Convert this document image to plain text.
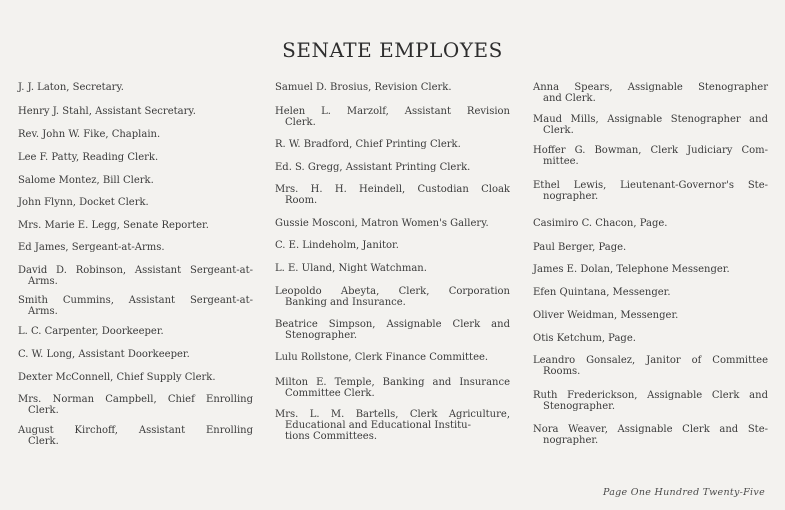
SENATE EMPLOYES
J. J. Laton, Secretary.
Henry J. Stahl, Assistant Secretary.
Rev. John W. Fike, Chaplain.
Lee F. Patty, Reading Clerk.
Salome Montez, Bill Clerk.
John Flynn, Docket Clerk.
Mrs. Marie E. Legg, Senate Reporter.
Ed James, Sergeant-at-Arms.
David D. Robinson, Assistant Sergeant-at-
Arms.
Smith Cummins, Assistant Sergeant-at-
Arms.
L. C. Carpenter, Doorkeeper.
C. W. Long, Assistant Doorkeeper.
Dexter McConnell, Chief Supply Clerk.
Mrs. Norman Campbell, Chief Enrolling
Clerk.
August Kirchoff, Assistant Enrolling
Clerk.
Samuel D. Brosius, Revision Clerk.
Helen L. Marzolf, Assistant Revision
Clerk.
R. W. Bradford, Chief Printing Clerk.
Ed. S. Gregg, Assistant Printing Clerk.
Mrs. H. H. Heindell, Custodian Cloak
Room.
Gussie Mosconi, Matron Women's Gallery.
C. E. Lindeholm, Janitor.
L. E. Uland, Night Watchman.
Leopoldo Abeyta, Clerk, Corporation
Banking and Insurance.
Beatrice Simpson, Assignable Clerk and
Stenographer.
Lulu Rollstone, Clerk Finance Committee.
Milton E. Temple, Banking and Insurance
Committee Clerk.
Mrs. L. M. Bartells, Clerk Agriculture,
Educational and Educational Institu-
tions Committees.
Anna Spears, Assignable Stenographer
and Clerk.
Maud Mills, Assignable Stenographer and
Clerk.
Hoffer G. Bowman, Clerk Judiciary Com-
mittee.
Ethel Lewis, Lieutenant-Governor's Ste-
nographer.
Casimiro C. Chacon, Page.
Paul Berger, Page.
James E. Dolan, Telephone Messenger.
Efen Quintana, Messenger.
Oliver Weidman, Messenger.
Otis Ketchum, Page.
Leandro Gonsalez, Janitor of Committee
Rooms.
Ruth Frederickson, Assignable Clerk and
Stenographer.
Nora Weaver, Assignable Clerk and Ste-
nographer.
Page One Hundred Twenty-Five
